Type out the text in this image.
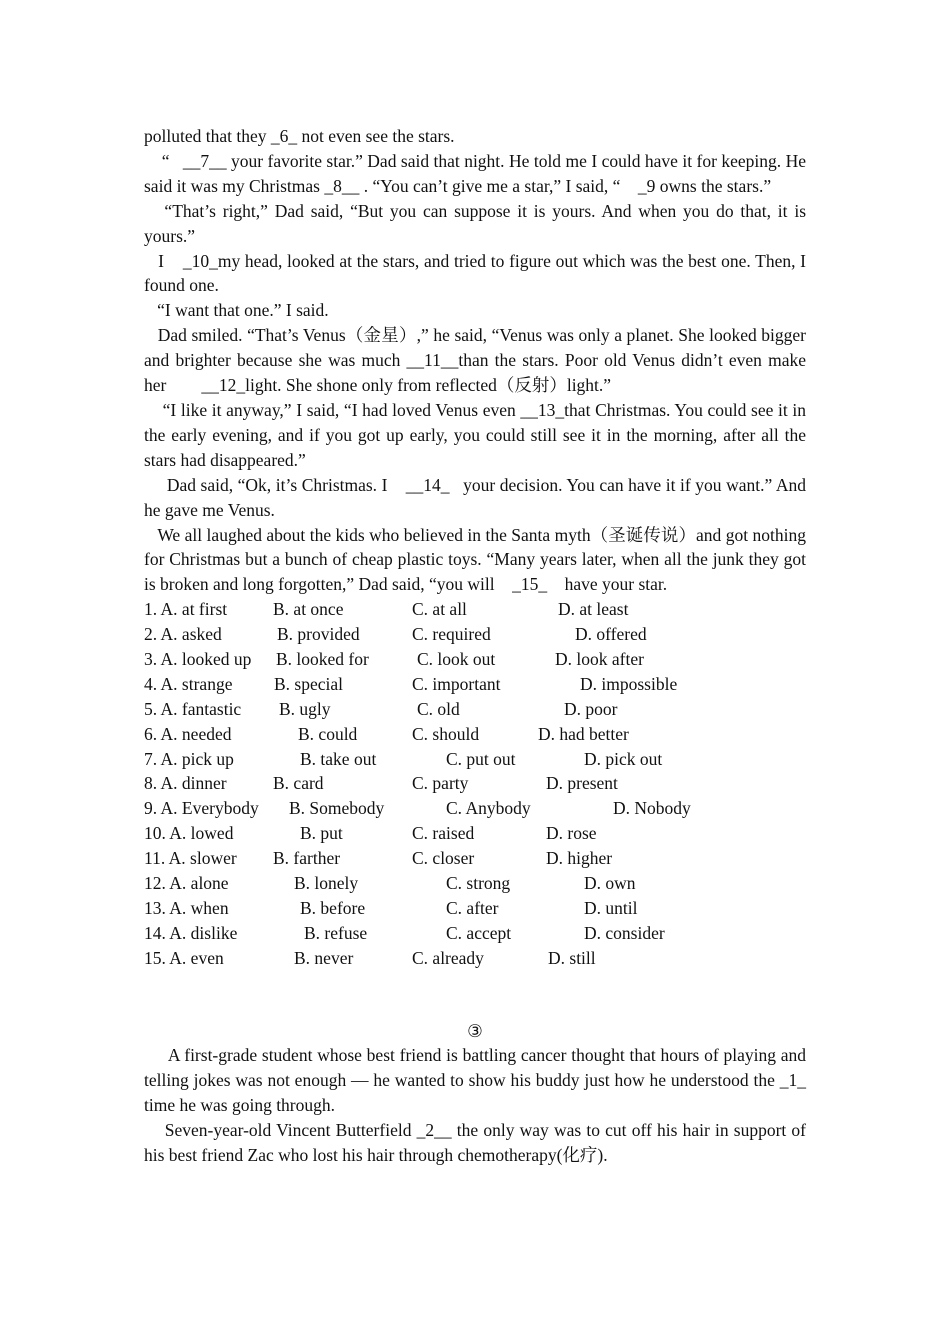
polluted that they _6_ not even see the stars.

“   __7__ your favorite star.” Dad said that night. He told me I could have it for keeping. He said it was my Christmas _8__ . “You can’t give me a star,” I said, “    _9 owns the stars.”

“That’s right,” Dad said, “But you can suppose it is yours. And when you do that, it is yours.”

I    _10_my head, looked at the stars, and tried to figure out which was the best one. Then, I found one.

“I want that one.” I said.

Dad smiled. “That’s Venus（金星）,” he said, “Venus was only a planet. She looked bigger and brighter because she was much __11__than the stars. Poor old Venus didn’t even make her        __12_light. She shone only from reflected（反射）light.”

“I like it anyway,” I said, “I had loved Venus even __13_that Christmas. You could see it in the early evening, and if you got up early, you could still see it in the morning, after all the stars had disappeared.”

Dad said, “Ok, it’s Christmas. I    __14_   your decision. You can have it if you want.” And he gave me Venus.

We all laughed about the kids who believed in the Santa myth（圣诞传说）and got nothing for Christmas but a bunch of cheap plastic toys. “Many years later, when all the junk they got is broken and long forgotten,” Dad said, “you will    _15_    have your star.

1. A. at first	B. at once	C. at all	D. at least
2. A. asked	B. provided	C. required	D. offered
3. A. looked up B. looked for	C. look out	D. look after
4. A. strange B. special	C. important	D. impossible
5. A. fantastic B. ugly	C. old	D. poor
6. A. needed	B. could	C. should	D. had better
7. A. pick up	B. take out	C. put out	D. pick out
8. A. dinner	B. card	C. party	D. present
9. A. Everybody B. Somebody	C. Anybody	D. Nobody
10. A. lowed	B. put	C. raised	D. rose
11. A. slower B. farther	C. closer	D. higher
12. A. alone	B. lonely	C. strong	D. own
13. A. when	B. before	C. after	D. until
14. A. dislike	B. refuse	C. accept	D. consider
15. A. even	B. never	C. already	D. still
③

A first-grade student whose best friend is battling cancer thought that hours of playing and telling jokes was not enough — he wanted to show his buddy just how he understood the _1_ time he was going through.

Seven-year-old Vincent Butterfield _2__ the only way was to cut off his hair in support of his best friend Zac who lost his hair through chemotherapy(化疗).
